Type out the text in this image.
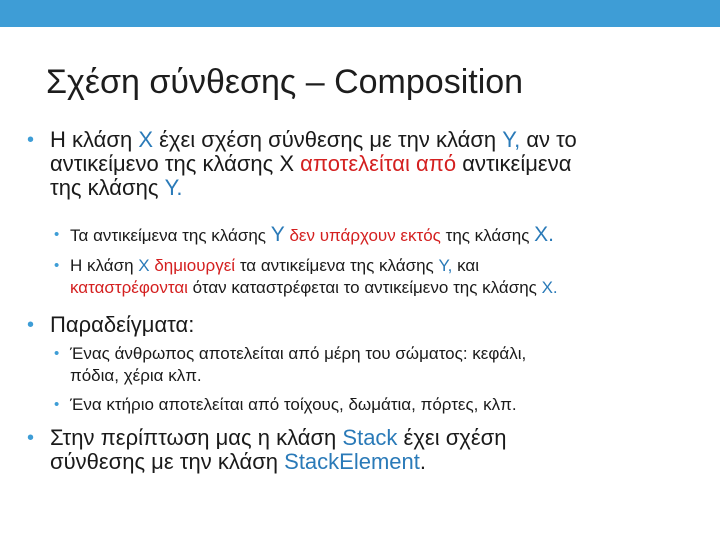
Σχέση σύνθεσης – Composition
• Η κλάση X έχει σχέση σύνθεσης με την κλάση Y, αν το
αντικείμενο της κλάσης X αποτελείται από αντικείμενα
της κλάσης Y.
• Τα αντικείμενα της κλάσης Y δεν υπάρχουν εκτός της κλάσης X.
• Η κλάση X δημιουργεί τα αντικείμενα της κλάσης Y, και
καταστρέφονται όταν καταστρέφεται το αντικείμενο της κλάσης X.
• Παραδείγματα:
• Ένας άνθρωπος αποτελείται από μέρη του σώματος: κεφάλι,
πόδια, χέρια κλπ.
• Ένα κτήριο αποτελείται από τοίχους, δωμάτια, πόρτες, κλπ.
• Στην περίπτωση μας η κλάση Stack έχει σχέση
σύνθεσης με την κλάση StackElement.
